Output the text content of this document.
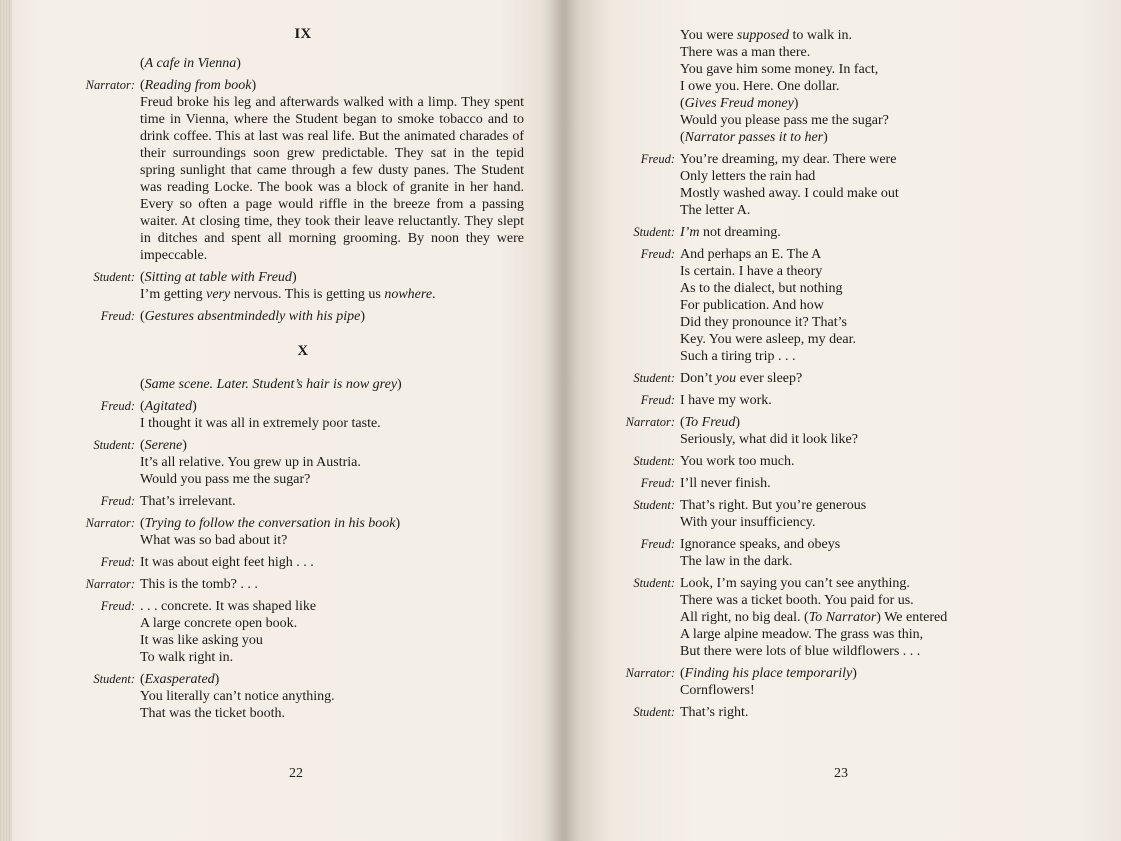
IX
(A cafe in Vienna)
Narrator: (Reading from book)
Freud broke his leg and afterwards walked with a limp. They spent time in Vienna, where the Student began to smoke tobacco and to drink coffee. This at last was real life. But the animated charades of their surroundings soon grew predictable. They sat in the tepid spring sunlight that came through a few dusty panes. The Student was reading Locke. The book was a block of granite in her hand. Every so often a page would riffle in the breeze from a passing waiter. At closing time, they took their leave reluctantly. They slept in ditches and spent all morning grooming. By noon they were impeccable.
Student: (Sitting at table with Freud)
I’m getting very nervous. This is getting us nowhere.
Freud: (Gestures absentmindedly with his pipe)
X
(Same scene. Later. Student’s hair is now grey)
Freud: (Agitated)
I thought it was all in extremely poor taste.
Student: (Serene)
It’s all relative. You grew up in Austria.
Would you pass me the sugar?
Freud: That’s irrelevant.
Narrator: (Trying to follow the conversation in his book)
What was so bad about it?
Freud: It was about eight feet high . . .
Narrator: This is the tomb? . . .
Freud: . . . concrete. It was shaped like
A large concrete open book.
It was like asking you
To walk right in.
Student: (Exasperated)
You literally can’t notice anything.
That was the ticket booth.
22
You were supposed to walk in.
There was a man there.
You gave him some money. In fact,
I owe you. Here. One dollar.
(Gives Freud money)
Would you please pass me the sugar?
(Narrator passes it to her)
Freud: You’re dreaming, my dear. There were
Only letters the rain had
Mostly washed away. I could make out
The letter A.
Student: I’m not dreaming.
Freud: And perhaps an E. The A
Is certain. I have a theory
As to the dialect, but nothing
For publication. And how
Did they pronounce it? That’s
Key. You were asleep, my dear.
Such a tiring trip . . .
Student: Don’t you ever sleep?
Freud: I have my work.
Narrator: (To Freud)
Seriously, what did it look like?
Student: You work too much.
Freud: I’ll never finish.
Student: That’s right. But you’re generous
With your insufficiency.
Freud: Ignorance speaks, and obeys
The law in the dark.
Student: Look, I’m saying you can’t see anything.
There was a ticket booth. You paid for us.
All right, no big deal. (To Narrator) We entered
A large alpine meadow. The grass was thin,
But there were lots of blue wildflowers . . .
Narrator: (Finding his place temporarily)
Cornflowers!
Student: That’s right.
23
